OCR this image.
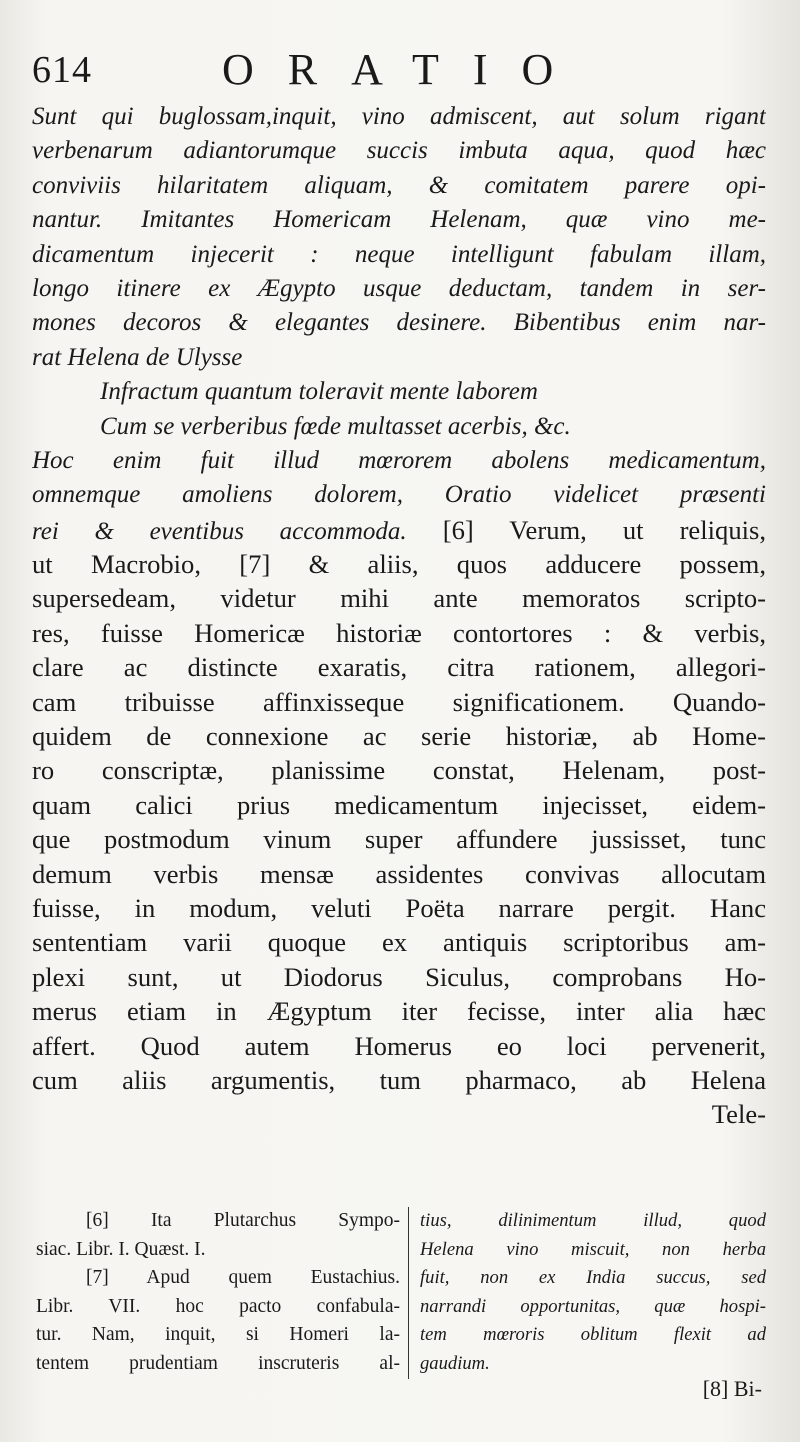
614	ORATIO
Sunt qui buglossam,inquit, vino admiscent, aut solum rigant
verbenarum adiantorumque succis imbuta aqua, quod hæc
conviviis hilaritatem aliquam, & comitatem parere opi-
nantur. Imitantes Homericam Helenam, quæ vino me-
dicamentum injecerit : neque intelligunt fabulam illam,
longo itinere ex Ægypto usque deductam, tandem in ser-
mones decoros & elegantes desinere. Bibentibus enim nar-
rat Helena de Ulysse
Infractum quantum toleravit mente laborem
Cum se verberibus fœde multasset acerbis, &c.
Hoc enim fuit illud mœrorem abolens medicamentum,
omnemque amoliens dolorem, Oratio videlicet præsenti
rei & eventibus accommoda. [6] Verum, ut reliquis,
ut Macrobio, [7] & aliis, quos adducere possem,
supersedeam, videtur mihi ante memoratos scripto-
res, fuisse Homericæ historiæ contortores : & verbis,
clare ac distincte exaratis, citra rationem, allegori-
cam tribuisse affinxisseque significationem. Quando-
quidem de connexione ac serie historiæ, ab Home-
ro conscriptæ, planissime constat, Helenam, post-
quam calici prius medicamentum injecisset, eidem-
que postmodum vinum super affundere jussisset, tunc
demum verbis mensæ assidentes convivas allocutam
fuisse, in modum, veluti Poëta narrare pergit. Hanc
sententiam varii quoque ex antiquis scriptoribus am-
plexi sunt, ut Diodorus Siculus, comprobans Ho-
merus etiam in Ægyptum iter fecisse, inter alia hæc
affert. Quod autem Homerus eo loci pervenerit,
cum aliis argumentis, tum pharmaco, ab Helena
Tele-
[6] Ita Plutarchus Sympo-
siac. Libr. I. Quæst. I.
[7] Apud quem Eustachius.
Libr. VII. hoc pacto confabula-
tur. Nam, inquit, si Homeri la-
tentem prudentiam inscruteris al-
tius, dilinimentum illud, quod
Helena vino miscuit, non herba
fuit, non ex India succus, sed
narrandi opportunitas, quæ hospi-
tem mœroris oblitum flexit ad
gaudium.
[8] Bi-
